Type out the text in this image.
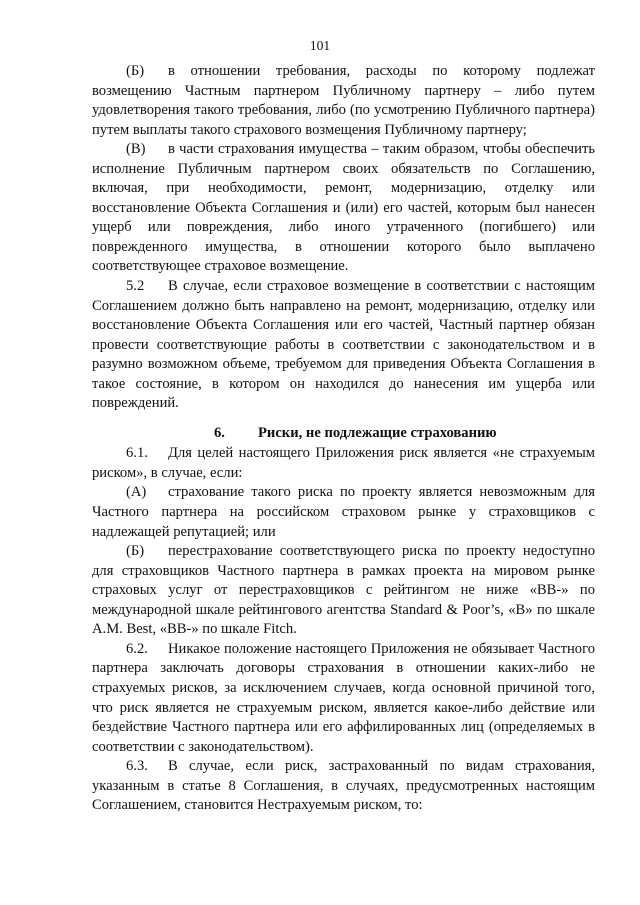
101

(Б) в отношении требования, расходы по которому подлежат возмещению Частным партнером Публичному партнеру – либо путем удовлетворения такого требования, либо (по усмотрению Публичного партнера) путем выплаты такого страхового возмещения Публичному партнеру;

(В) в части страхования имущества – таким образом, чтобы обеспечить исполнение Публичным партнером своих обязательств по Соглашению, включая, при необходимости, ремонт, модернизацию, отделку или восстановление Объекта Соглашения и (или) его частей, которым был нанесен ущерб или повреждения, либо иного утраченного (погибшего) или поврежденного имущества, в отношении которого было выплачено соответствующее страховое возмещение.

5.2 В случае, если страховое возмещение в соответствии с настоящим Соглашением должно быть направлено на ремонт, модернизацию, отделку или восстановление Объекта Соглашения или его частей, Частный партнер обязан провести соответствующие работы в соответствии с законодательством и в разумно возможном объеме, требуемом для приведения Объекта Соглашения в такое состояние, в котором он находился до нанесения им ущерба или повреждений.

6. Риски, не подлежащие страхованию

6.1. Для целей настоящего Приложения риск является «не страхуемым риском», в случае, если:

(А) страхование такого риска по проекту является невозможным для Частного партнера на российском страховом рынке у страховщиков с надлежащей репутацией; или

(Б) перестрахование соответствующего риска по проекту недоступно для страховщиков Частного партнера в рамках проекта на мировом рынке страховых услуг от перестраховщиков с рейтингом не ниже «ВВ-» по международной шкале рейтингового агентства Standard & Poor’s, «В» по шкале A.M. Best, «ВВ-» по шкале Fitch.

6.2. Никакое положение настоящего Приложения не обязывает Частного партнера заключать договоры страхования в отношении каких-либо не страхуемых рисков, за исключением случаев, когда основной причиной того, что риск является не страхуемым риском, является какое-либо действие или бездействие Частного партнера или его аффилированных лиц (определяемых в соответствии с законодательством).

6.3. В случае, если риск, застрахованный по видам страхования, указанным в статье 8 Соглашения, в случаях, предусмотренных настоящим Соглашением, становится Нестрахуемым риском, то:
